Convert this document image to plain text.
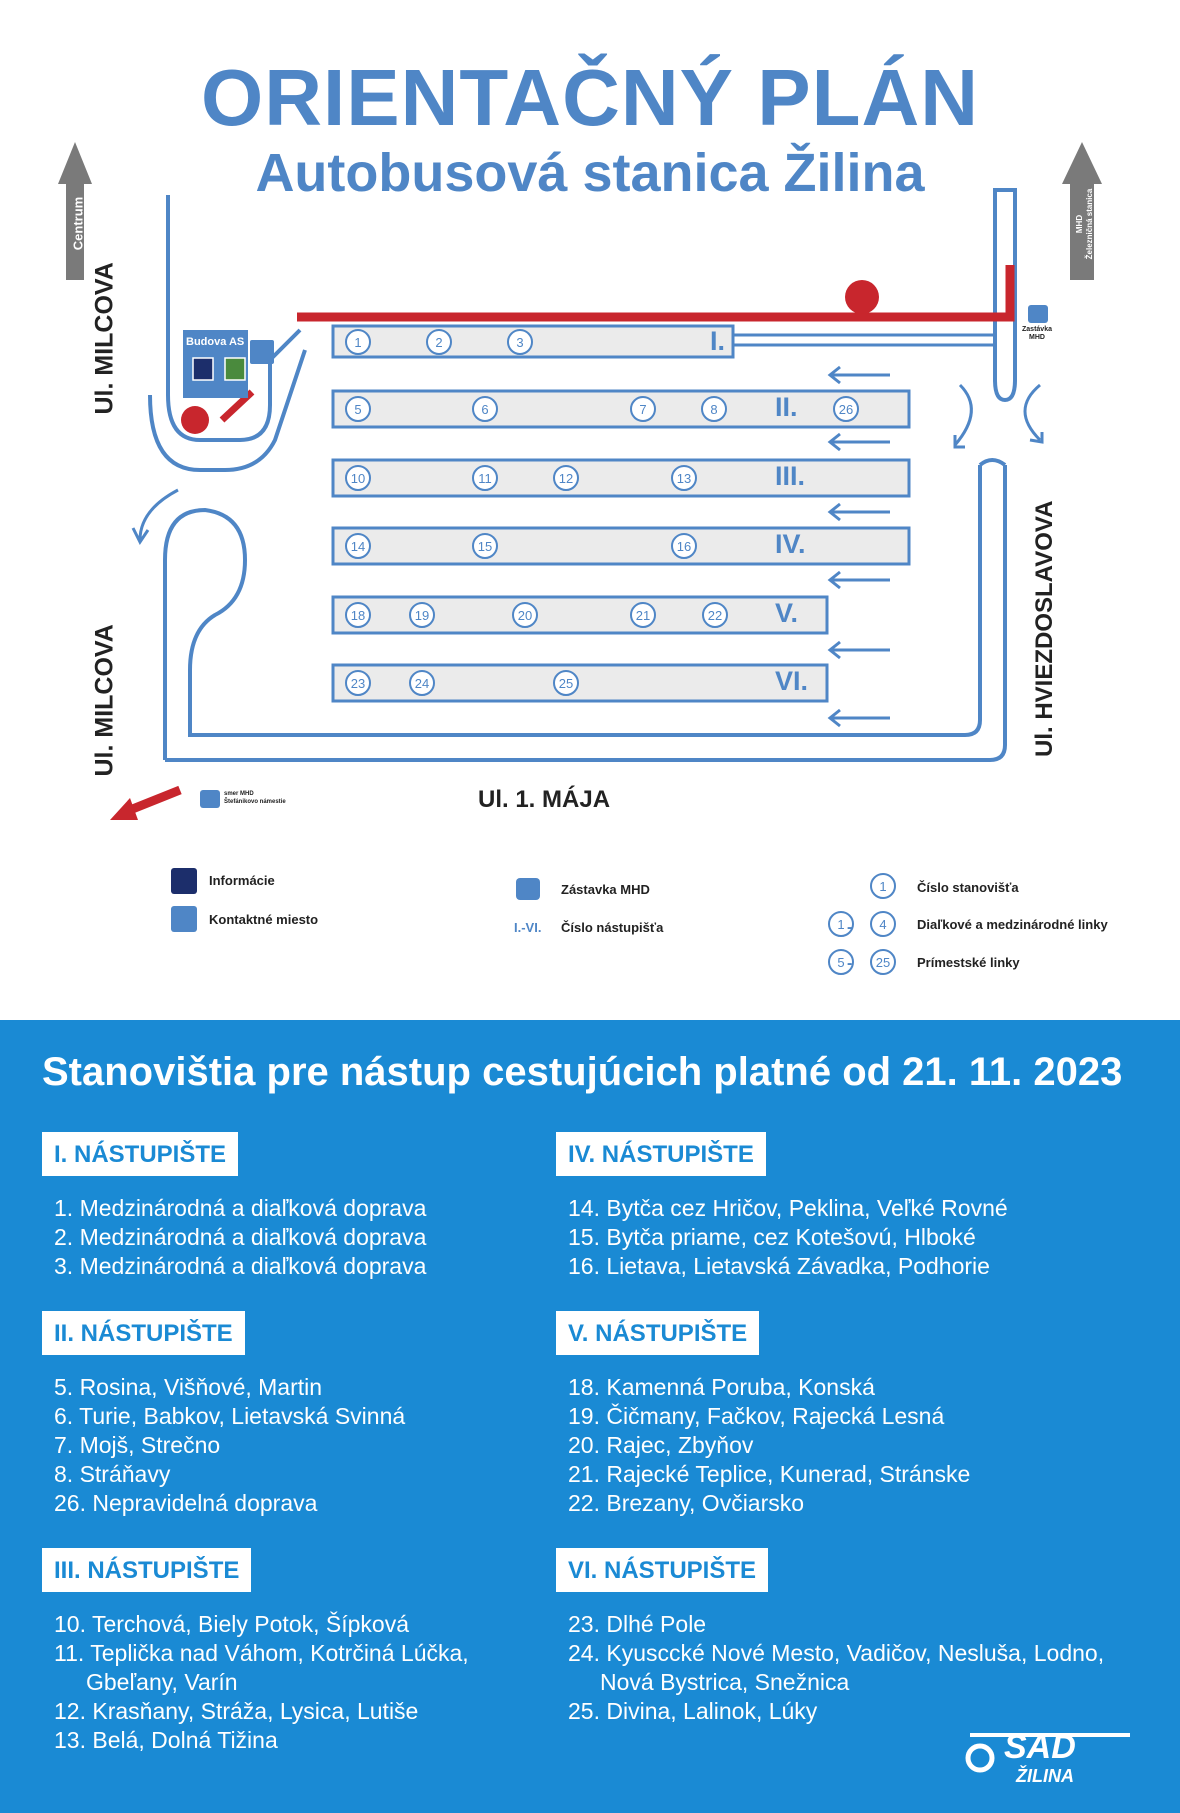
1	2	3
5	6	7	8	26
10	11	12	13
14	15	16
18	19	20	21	22
23	24	25
1
1	4
5 25
ORIENTAČNÝ PLÁN
Autobusová stanica Žilina
Ul. MILCOVA
Ul. MILCOVA	Ul. HVIEZDOSLAVOVA
Ul. 1. MÁJA
Centrum	MHD
Železničná stanica
Budova AS
Zastávka
MHD
smer MHD
Štefánikovo námestie
I.
II.
III.
IV.
V.
VI.
Informácie
Kontaktné miesto
Zástavka MHD
I.-VI. Číslo nástupišťa
Číslo stanovišťa
-	Diaľkové a medzinárodné linky
-	Prímestské linky
Stanovištia pre nástup cestujúcich platné od 21. 11. 2023
I. NÁSTUPIŠTE
1. Medzinárodná a diaľková doprava
2. Medzinárodná a diaľková doprava
3. Medzinárodná a diaľková doprava
II. NÁSTUPIŠTE
5. Rosina, Višňové, Martin
6. Turie, Babkov, Lietavská Svinná
7. Mojš, Strečno
8. Stráňavy
26. Nepravidelná doprava
III. NÁSTUPIŠTE
10. Terchová, Biely Potok, Šípková
11. Teplička nad Váhom, Kotrčiná Lúčka,
Gbeľany, Varín
12. Krasňany, Stráža, Lysica, Lutiše
13. Belá, Dolná Tižina
IV. NÁSTUPIŠTE
14. Bytča cez Hričov, Peklina, Veľké Rovné
15. Bytča priame, cez Kotešovú, Hlboké
16. Lietava, Lietavská Závadka, Podhorie
V. NÁSTUPIŠTE
18. Kamenná Poruba, Konská
19. Čičmany, Fačkov, Rajecká Lesná
20. Rajec, Zbyňov
21. Rajecké Teplice, Kunerad, Stránske
22. Brezany, Ovčiarsko
VI. NÁSTUPIŠTE
23. Dlhé Pole
24. Kyusccké Nové Mesto, Vadičov, Nesluša, Lodno,
Nová Bystrica, Snežnica
25. Divina, Lalinok, Lúky
SAD
ŽILINA
